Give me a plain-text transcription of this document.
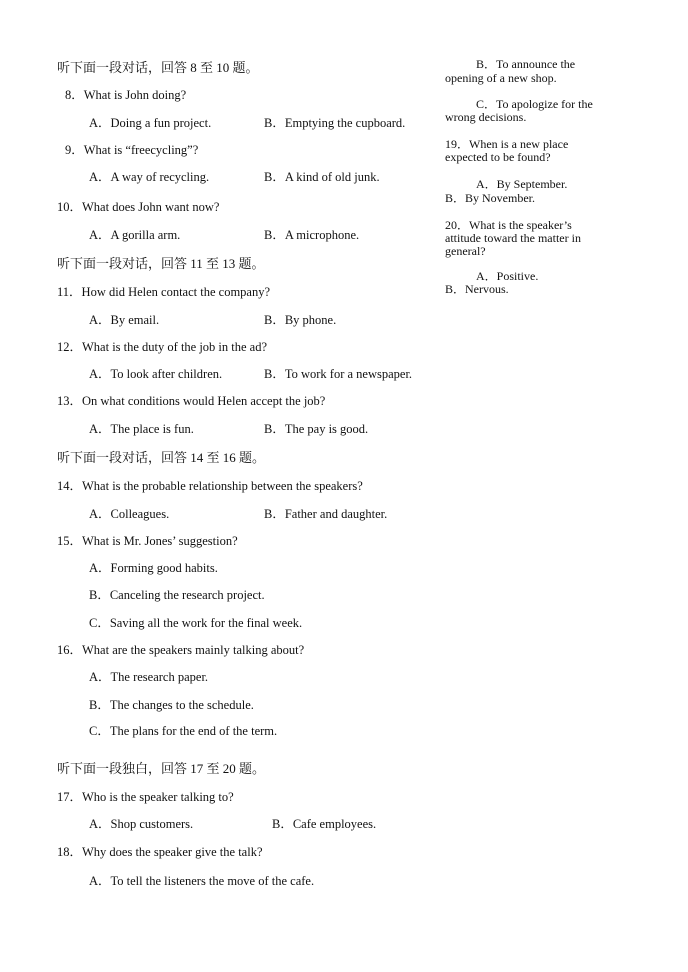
听下面一段对话，回答 8 至 10 题。
8．What is John doing?
A．Doing a fun project.	B．Emptying the cupboard.
9．What is “freecycling”?
A．A way of recycling.	B．A kind of old junk.
10．What does John want now?
A．A gorilla arm.	B．A microphone.
听下面一段对话，回答 11 至 13 题。
11．How did Helen contact the company?
A．By email.	B．By phone.
12．What is the duty of the job in the ad?
A．To look after children.	B．To work for a newspaper.
13．On what conditions would Helen accept the job?
A．The place is fun.	B．The pay is good.
听下面一段对话，回答 14 至 16 题。
14．What is the probable relationship between the speakers?
A．Colleagues.	B．Father and daughter.
15．What is Mr. Jones’ suggestion?
A．Forming good habits.
B．Canceling the research project.
C．Saving all the work for the final week.
16．What are the speakers mainly talking about?
A．The research paper.
B．The changes to the schedule.
C．The plans for the end of the term.
听下面一段独白，回答 17 至 20 题。
17．Who is the speaker talking to?
A．Shop customers.	B．Cafe employees.
18．Why does the speaker give the talk?
A．To tell the listeners the move of the cafe.
B．To announce the
opening of a new shop.
C．To apologize for the
wrong decisions.
19．When is a new place
expected to be found?
A．By September.
B．By November.
20．What is the speaker’s
attitude toward the matter in
general?
A．Positive.
B．Nervous.
